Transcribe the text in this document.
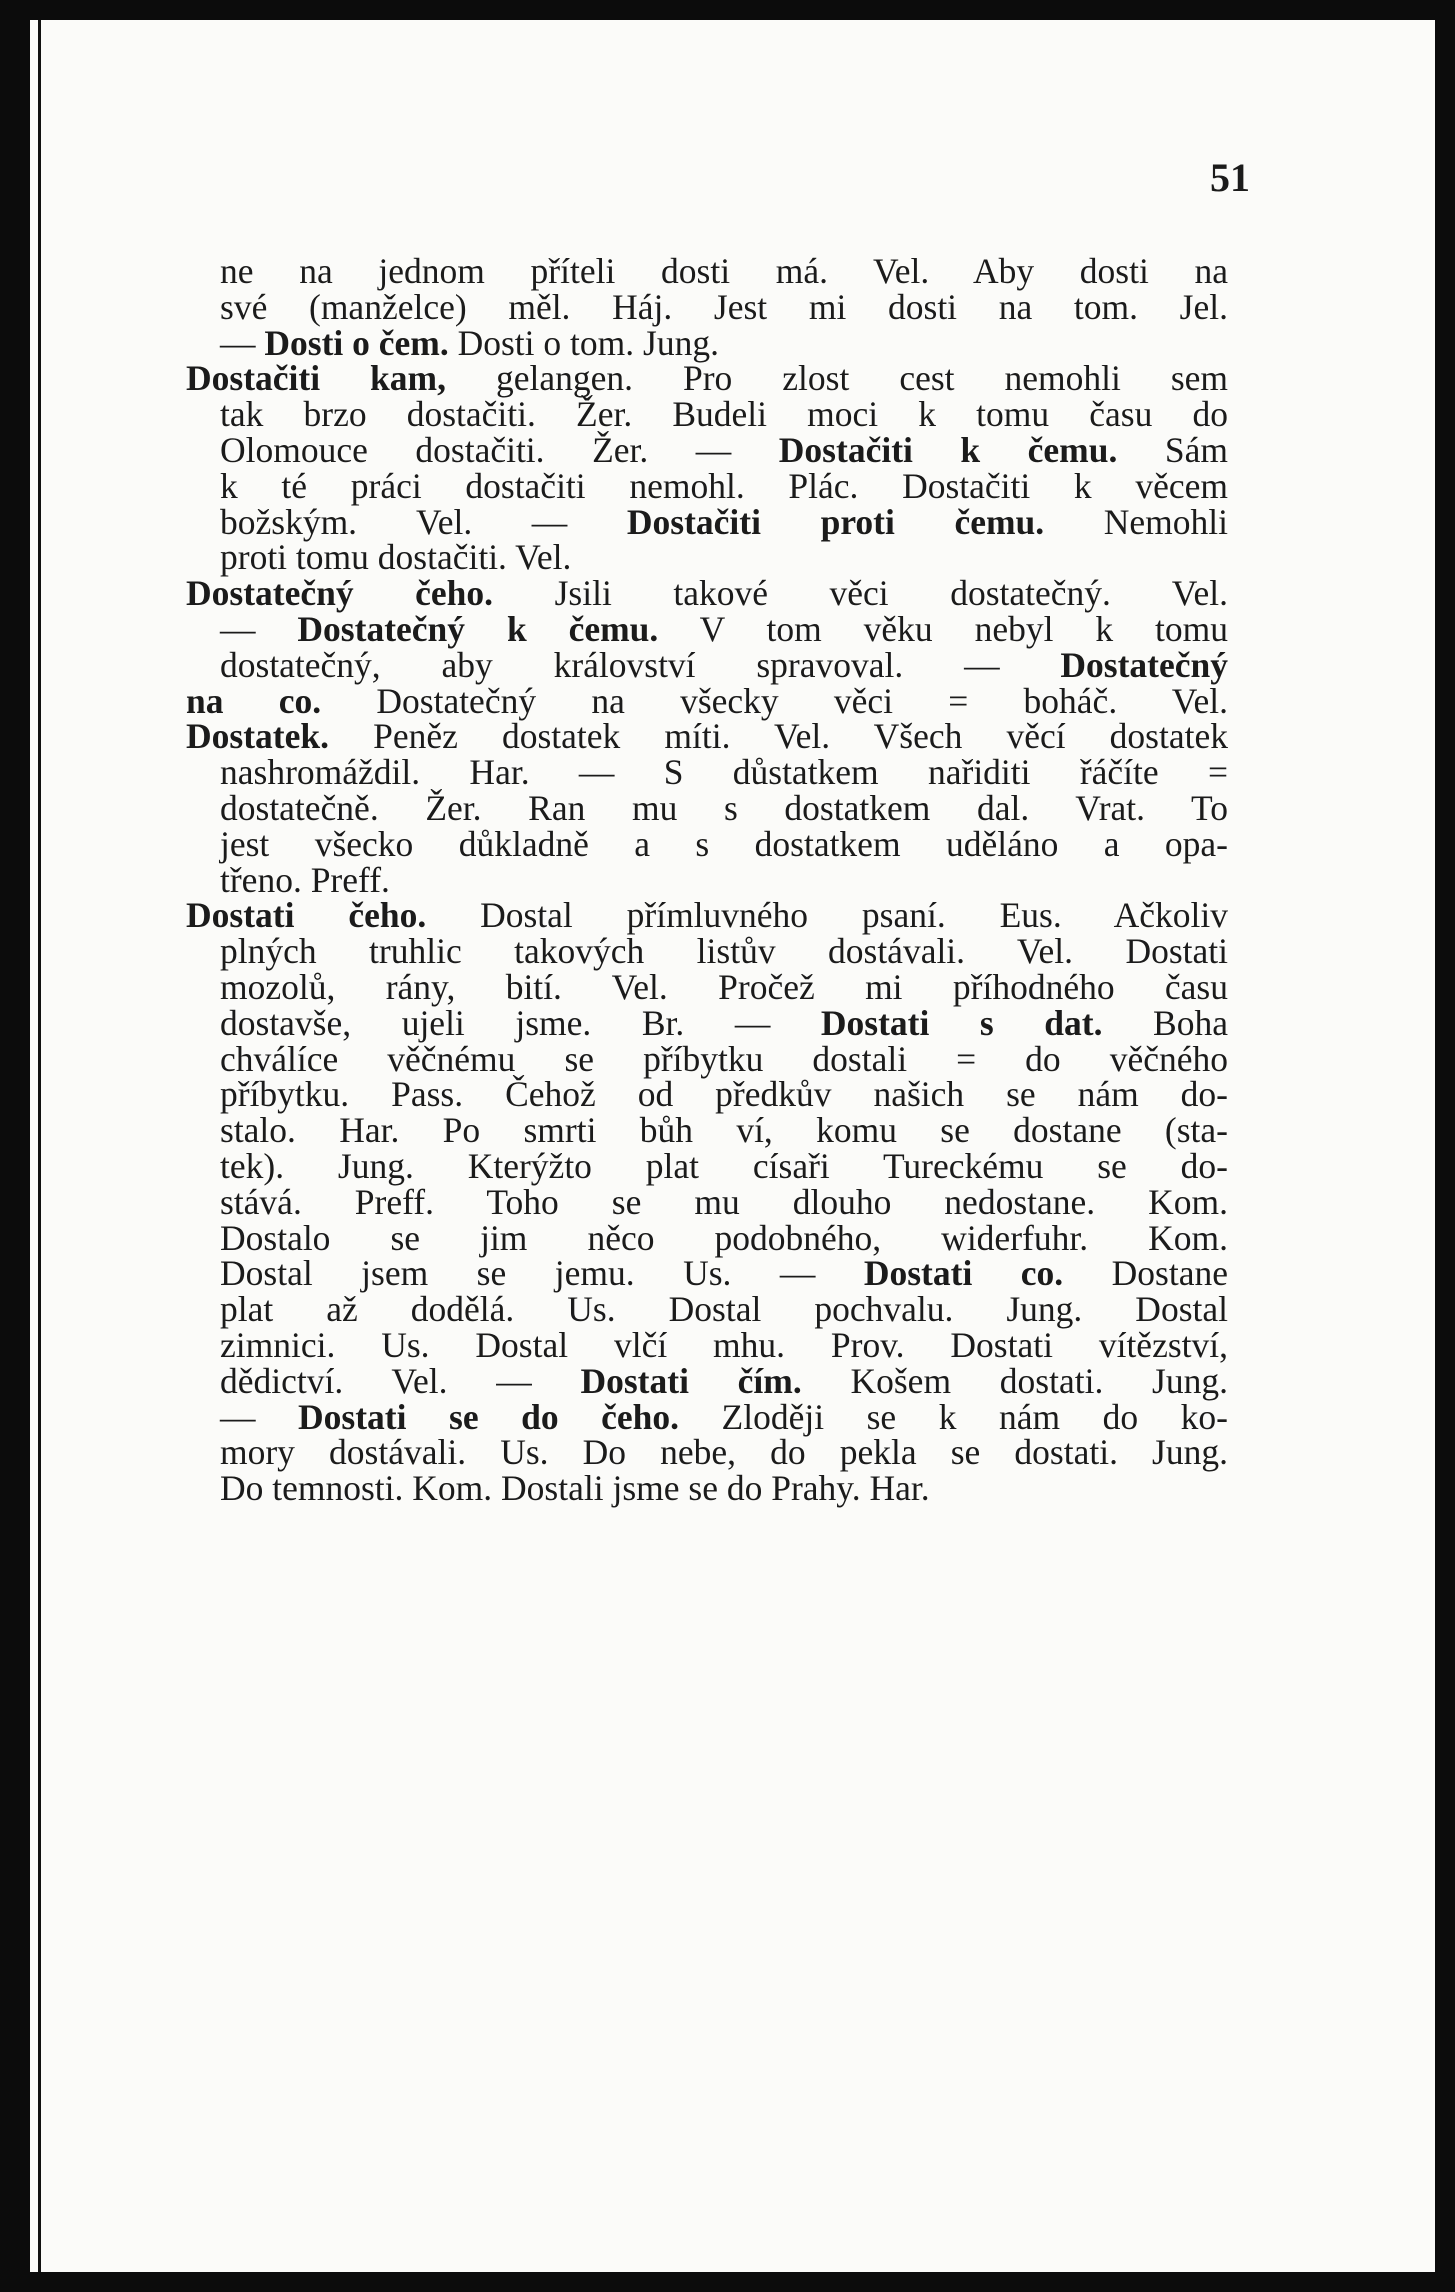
51
ne na jednom příteli dosti má. Vel. Aby dosti na
své (manželce) měl. Háj. Jest mi dosti na tom. Jel.
— Dosti o čem. Dosti o tom. Jung.
Dostačiti kam, gelangen. Pro zlost cest nemohli sem
tak brzo dostačiti. Žer. Budeli moci k tomu času do
Olomouce dostačiti. Žer. — Dostačiti k čemu. Sám
k té práci dostačiti nemohl. Plác. Dostačiti k věcem
božským. Vel. — Dostačiti proti čemu. Nemohli
proti tomu dostačiti. Vel.
Dostatečný čeho. Jsili takové věci dostatečný. Vel.
— Dostatečný k čemu. V tom věku nebyl k tomu
dostatečný, aby království spravoval. — Dostatečný
na co. Dostatečný na všecky věci = boháč. Vel.
Dostatek. Peněz dostatek míti. Vel. Všech věcí dostatek
nashromáždil. Har. — S důstatkem nařiditi řáčíte =
dostatečně. Žer. Ran mu s dostatkem dal. Vrat. To
jest všecko důkladně a s dostatkem uděláno a opa-
třeno. Preff.
Dostati čeho. Dostal přímluvného psaní. Eus. Ačkoliv
plných truhlic takových listův dostávali. Vel. Dostati
mozolů, rány, bití. Vel. Pročež mi příhodného času
dostavše, ujeli jsme. Br. — Dostati s dat. Boha
chválíce věčnému se příbytku dostali = do věčného
příbytku. Pass. Čehož od předkův našich se nám do-
stalo. Har. Po smrti bůh ví, komu se dostane (sta-
tek). Jung. Kterýžto plat císaři Tureckému se do-
stává. Preff. Toho se mu dlouho nedostane. Kom.
Dostalo se jim něco podobného, widerfuhr. Kom.
Dostal jsem se jemu. Us. — Dostati co. Dostane
plat až dodělá. Us. Dostal pochvalu. Jung. Dostal
zimnici. Us. Dostal vlčí mhu. Prov. Dostati vítězství,
dědictví. Vel. — Dostati čím. Košem dostati. Jung.
— Dostati se do čeho. Zloději se k nám do ko-
mory dostávali. Us. Do nebe, do pekla se dostati. Jung.
Do temnosti. Kom. Dostali jsme se do Prahy. Har.
